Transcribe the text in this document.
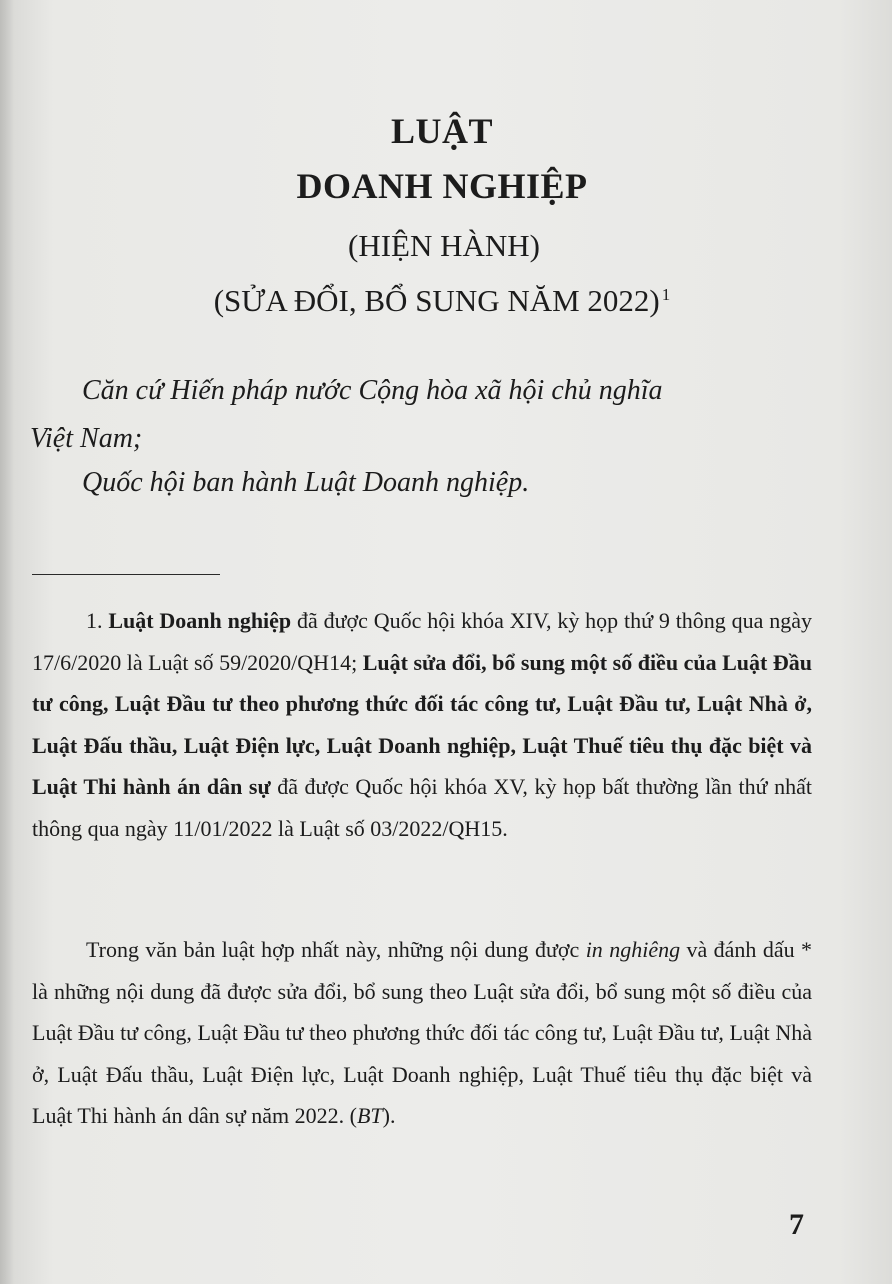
LUẬT
DOANH NGHIỆP
(HIỆN HÀNH)
(SỬA ĐỔI, BỔ SUNG NĂM 2022) $^1$
Căn cứ Hiến pháp nước Cộng hòa xã hội chủ nghĩa
Việt Nam;
Quốc hội ban hành Luật Doanh nghiệp.
1. Luật Doanh nghiệp đã được Quốc hội khóa XIV, kỳ họp thứ 9 thông qua ngày 17/6/2020 là Luật số 59/2020/QH14; Luật sửa đổi, bổ sung một số điều của Luật Đầu tư công, Luật Đầu tư theo phương thức đối tác công tư, Luật Đầu tư, Luật Nhà ở, Luật Đấu thầu, Luật Điện lực, Luật Doanh nghiệp, Luật Thuế tiêu thụ đặc biệt và Luật Thi hành án dân sự đã được Quốc hội khóa XV, kỳ họp bất thường lần thứ nhất thông qua ngày 11/01/2022 là Luật số 03/2022/QH15.
Trong văn bản luật hợp nhất này, những nội dung được in nghiêng và đánh dấu * là những nội dung đã được sửa đổi, bổ sung theo Luật sửa đổi, bổ sung một số điều của Luật Đầu tư công, Luật Đầu tư theo phương thức đối tác công tư, Luật Đầu tư, Luật Nhà ở, Luật Đấu thầu, Luật Điện lực, Luật Doanh nghiệp, Luật Thuế tiêu thụ đặc biệt và Luật Thi hành án dân sự năm 2022. (BT).
7
